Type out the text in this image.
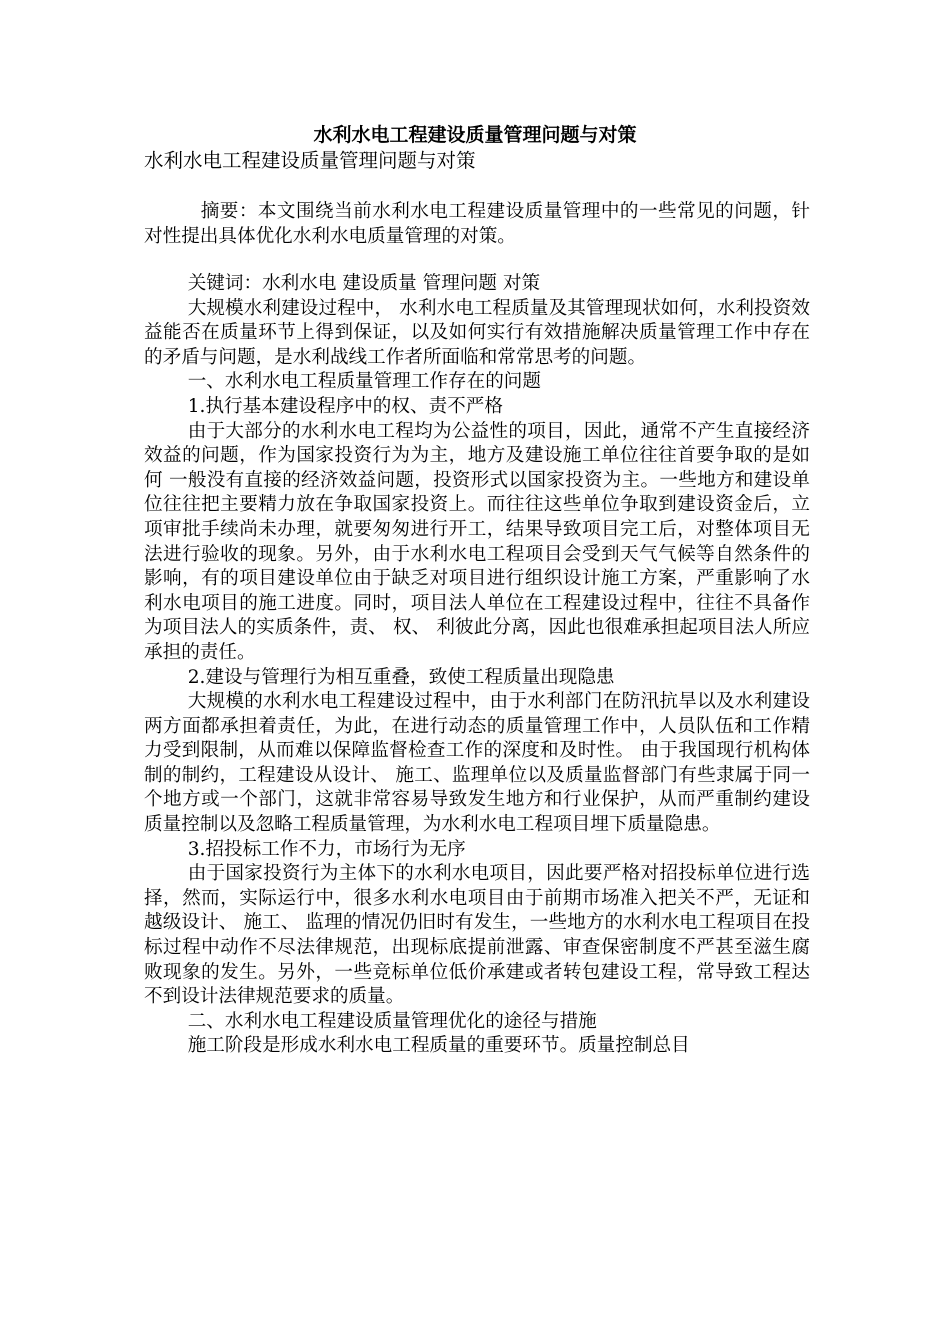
水利水电工程建设质量管理问题与对策
水利水电工程建设质量管理问题与对策

摘要：本文围绕当前水利水电工程建设质量管理中的一些常见的问题，针对性提出具体优化水利水电质量管理的对策。

关键词：水利水电 建设质量 管理问题 对策

大规模水利建设过程中， 水利水电工程质量及其管理现状如何，水利投资效益能否在质量环节上得到保证，以及如何实行有效措施解决质量管理工作中存在的矛盾与问题，是水利战线工作者所面临和常常思考的问题。

一、水利水电工程质量管理工作存在的问题

1.执行基本建设程序中的权、责不严格

由于大部分的水利水电工程均为公益性的项目，因此，通常不产生直接经济效益的问题，作为国家投资行为为主，地方及建设施工单位往往首要争取的是如何 一般没有直接的经济效益问题，投资形式以国家投资为主。一些地方和建设单位往往把主要精力放在争取国家投资上。而往往这些单位争取到建设资金后，立项审批手续尚未办理，就要匆匆进行开工，结果导致项目完工后，对整体项目无法进行验收的现象。另外，由于水利水电工程项目会受到天气气候等自然条件的影响，有的项目建设单位由于缺乏对项目进行组织设计施工方案，严重影响了水利水电项目的施工进度。同时，项目法人单位在工程建设过程中，往往不具备作为项目法人的实质条件，责、 权、 利彼此分离，因此也很难承担起项目法人所应承担的责任。

2.建设与管理行为相互重叠，致使工程质量出现隐患

大规模的水利水电工程建设过程中，由于水利部门在防汛抗旱以及水利建设两方面都承担着责任，为此，在进行动态的质量管理工作中，人员队伍和工作精力受到限制，从而难以保障监督检查工作的深度和及时性。 由于我国现行机构体制的制约，工程建设从设计、 施工、监理单位以及质量监督部门有些隶属于同一个地方或一个部门，这就非常容易导致发生地方和行业保护，从而严重制约建设质量控制以及忽略工程质量管理，为水利水电工程项目埋下质量隐患。

3.招投标工作不力，市场行为无序

由于国家投资行为主体下的水利水电项目，因此要严格对招投标单位进行选择，然而，实际运行中，很多水利水电项目由于前期市场准入把关不严，无证和越级设计、 施工、 监理的情况仍旧时有发生，一些地方的水利水电工程项目在投标过程中动作不尽法律规范，出现标底提前泄露、审查保密制度不严甚至滋生腐败现象的发生。另外，一些竞标单位低价承建或者转包建设工程，常导致工程达不到设计法律规范要求的质量。

二、水利水电工程建设质量管理优化的途径与措施

施工阶段是形成水利水电工程质量的重要环节。质量控制总目
